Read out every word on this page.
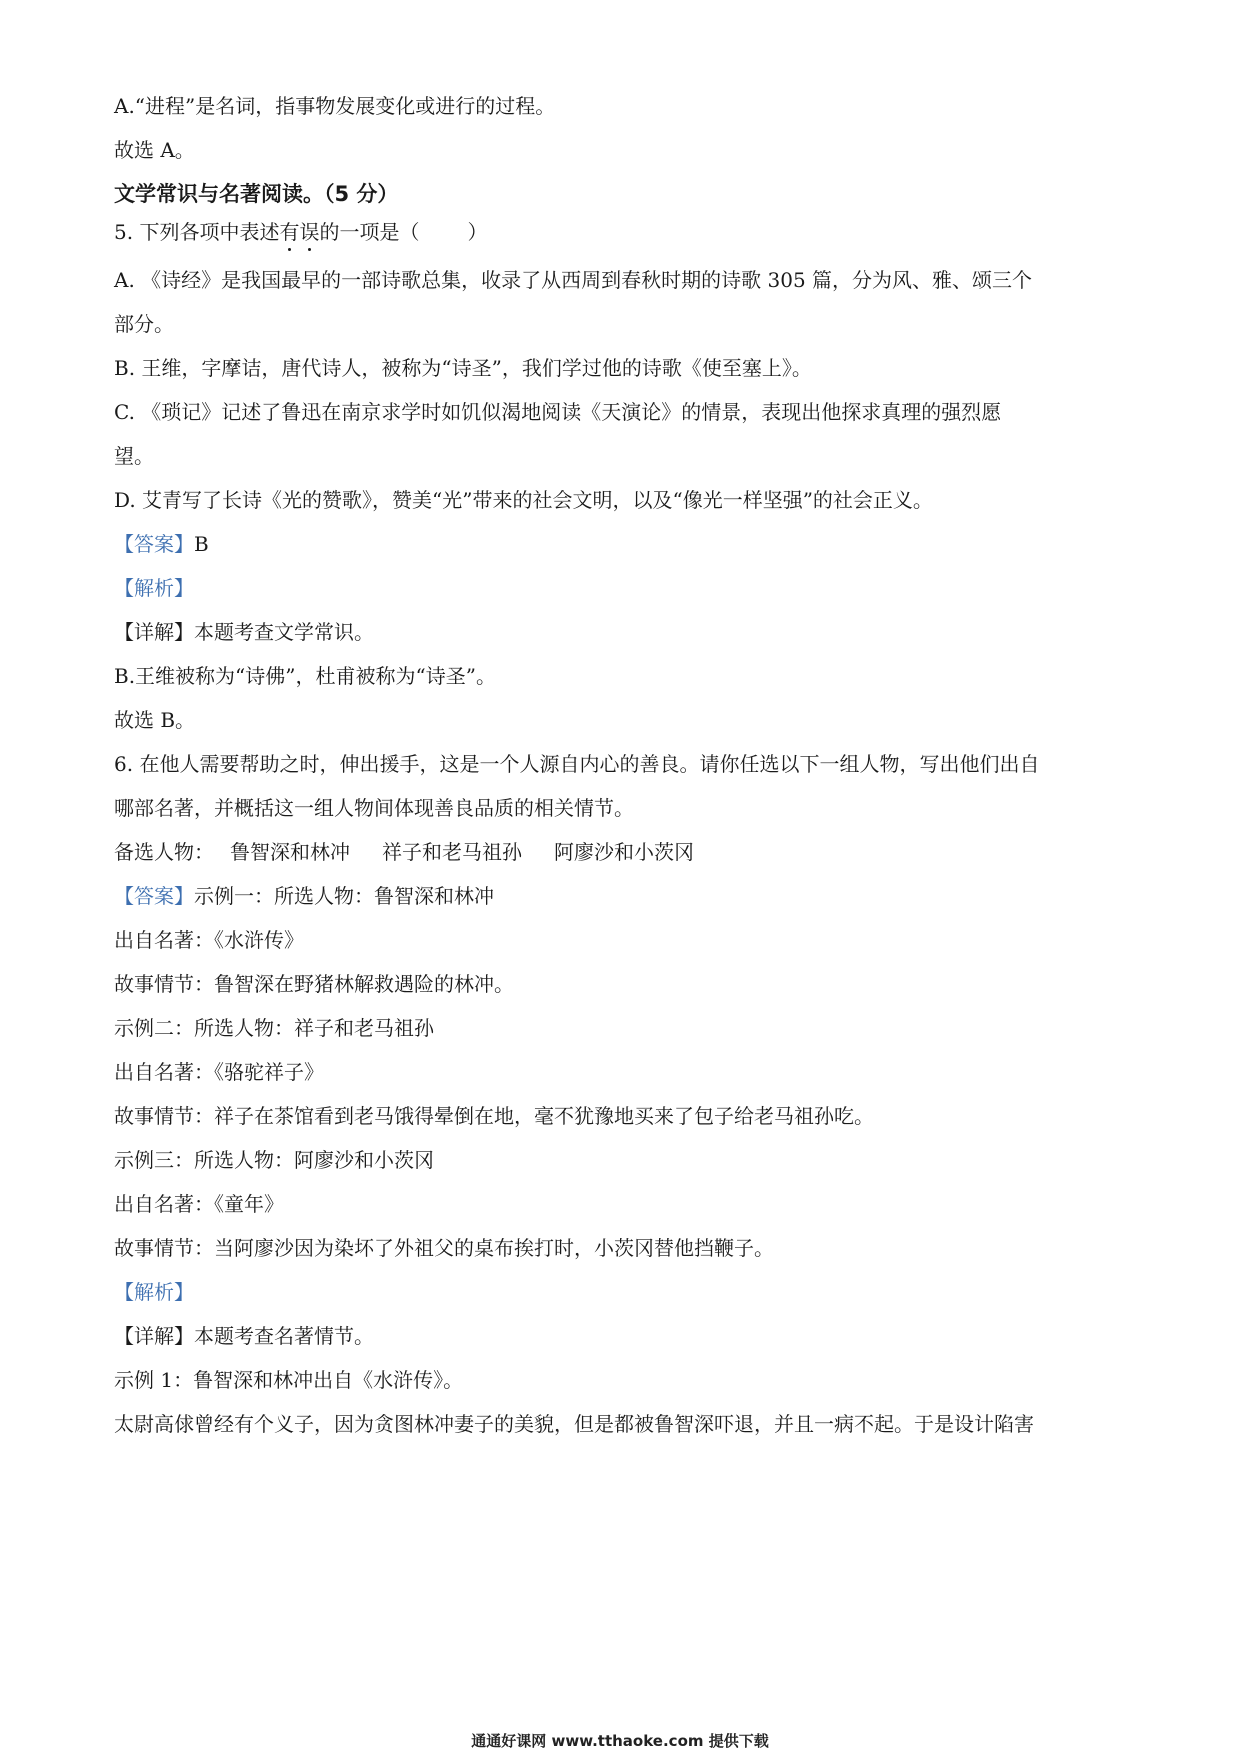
A.“进程”是名词，指事物发展变化或进行的过程。
故选 A。
文学常识与名著阅读。（5 分）
5. 下列各项中表述有误的一项是（ ）
A. 《诗经》是我国最早的一部诗歌总集，收录了从西周到春秋时期的诗歌 305 篇，分为风、雅、颂三个
部分。
B. 王维，字摩诘，唐代诗人，被称为“诗圣”，我们学过他的诗歌《使至塞上》。
C. 《琐记》记述了鲁迅在南京求学时如饥似渴地阅读《天演论》的情景，表现出他探求真理的强烈愿
望。
D. 艾青写了长诗《光的赞歌》，赞美“光”带来的社会文明，以及“像光一样坚强”的社会正义。
【答案】B
【解析】
【详解】本题考查文学常识。
B.王维被称为“诗佛”，杜甫被称为“诗圣”。
故选 B。
6. 在他人需要帮助之时，伸出援手，这是一个人源自内心的善良。请你任选以下一组人物，写出他们出自
哪部名著，并概括这一组人物间体现善良品质的相关情节。
备选人物： 鲁智深和林冲 祥子和老马祖孙 阿廖沙和小茨冈
【答案】示例一：所选人物：鲁智深和林冲
出自名著：《水浒传》
故事情节：鲁智深在野猪林解救遇险的林冲。
示例二：所选人物：祥子和老马祖孙
出自名著：《骆驼祥子》
故事情节：祥子在茶馆看到老马饿得晕倒在地，毫不犹豫地买来了包子给老马祖孙吃。
示例三：所选人物：阿廖沙和小茨冈
出自名著：《童年》
故事情节：当阿廖沙因为染坏了外祖父的桌布挨打时，小茨冈替他挡鞭子。
【解析】
【详解】本题考查名著情节。
示例 1：鲁智深和林冲出自《水浒传》。
太尉高俅曾经有个义子，因为贪图林冲妻子的美貌，但是都被鲁智深吓退，并且一病不起。于是设计陷害
通通好课网 www.tthaoke.com 提供下载
